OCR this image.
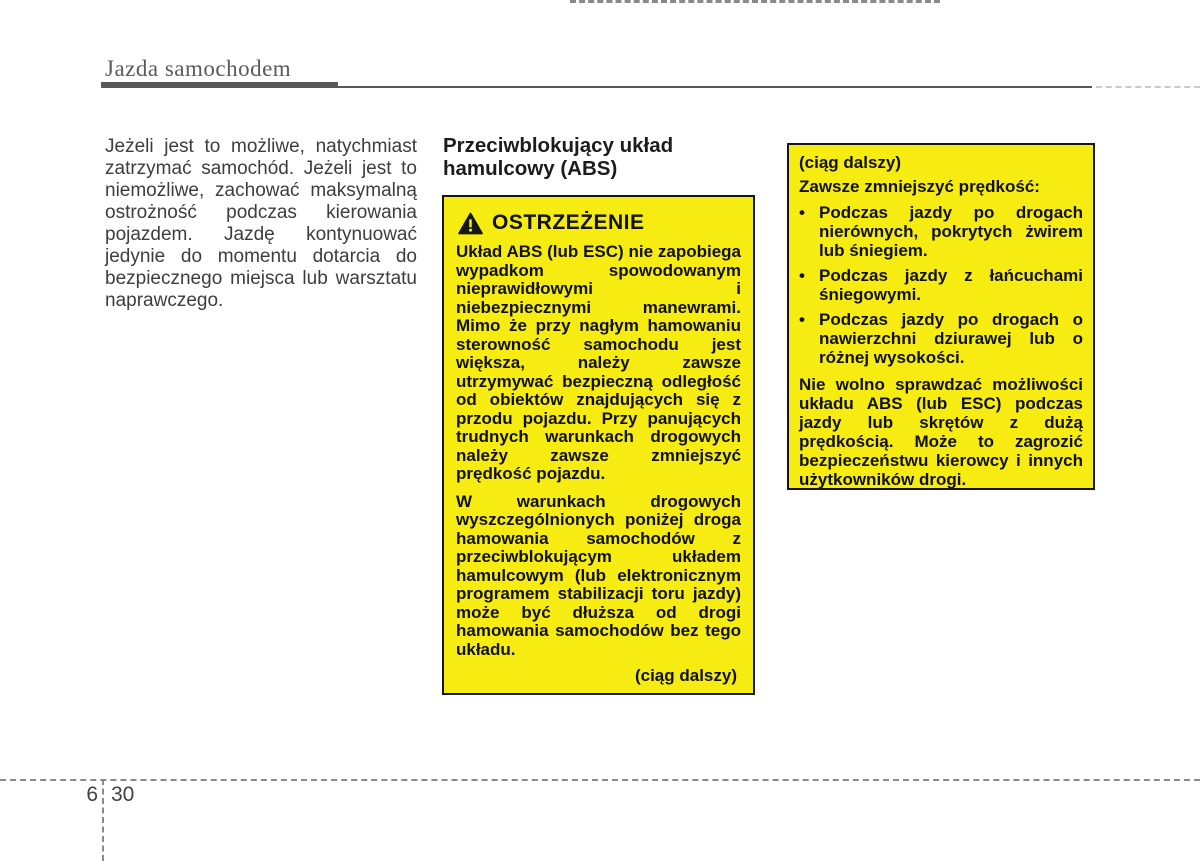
Jazda samochodem

Jeżeli jest to możliwe, natychmiast zatrzymać samochód. Jeżeli jest to niemożliwe, zachować maksymalną ostrożność podczas kierowania pojazdem. Jazdę kontynuować jedynie do momentu dotarcia do bezpiecznego miejsca lub warsztatu naprawczego.

Przeciwblokujący układ hamulcowy (ABS)
OSTRZEŻENIE

Układ ABS (lub ESC) nie zapobiega wypadkom spowodowanym nieprawidłowymi i niebezpiecznymi manewrami. Mimo że przy nagłym hamowaniu sterowność samochodu jest większa, należy zawsze utrzymywać bezpieczną odległość od obiektów znajdujących się z przodu pojazdu. Przy panujących trudnych warunkach drogowych należy zawsze zmniejszyć prędkość pojazdu.

W warunkach drogowych wyszczególnionych poniżej droga hamowania samochodów z przeciwblokującym układem hamulcowym (lub elektronicznym programem stabilizacji toru jazdy) może być dłuższa od drogi hamowania samochodów bez tego układu.

(ciąg dalszy)

(ciąg dalszy)

Zawsze zmniejszyć prędkość:

• Podczas jazdy po drogach nierównych, pokrytych żwirem lub śniegiem.

• Podczas jazdy z łańcuchami śniegowymi.

• Podczas jazdy po drogach o nawierzchni dziurawej lub o różnej wysokości.

Nie wolno sprawdzać możliwości układu ABS (lub ESC) podczas jazdy lub skrętów z dużą prędkością. Może to zagrozić bezpieczeństwu kierowcy i innych użytkowników drogi.

6 30
